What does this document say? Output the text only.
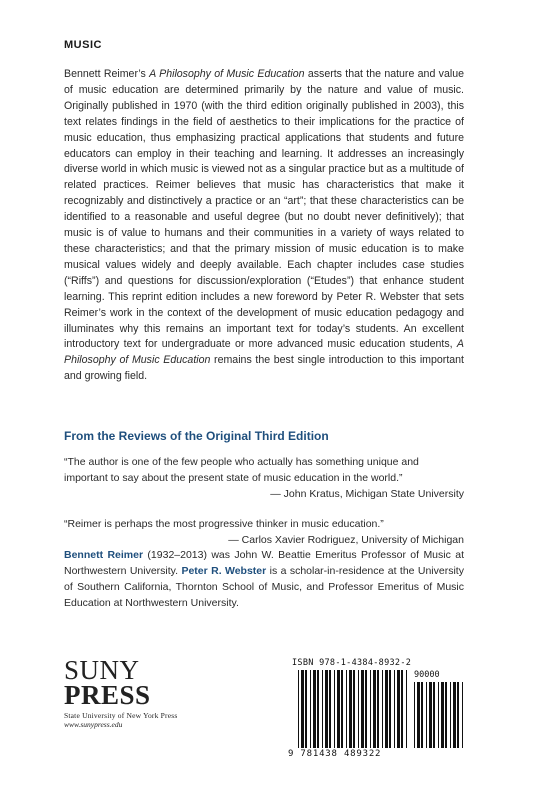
MUSIC

Bennett Reimer’s A Philosophy of Music Education asserts that the nature and value of music education are determined primarily by the nature and value of music. Originally published in 1970 (with the third edition originally published in 2003), this text relates findings in the field of aesthetics to their implications for the practice of music education, thus emphasizing practical applications that students and future educators can employ in their teaching and learning. It addresses an increasingly diverse world in which music is viewed not as a singular practice but as a multitude of related practices. Reimer believes that music has characteristics that make it recognizably and distinctively a practice or an “art”; that these characteristics can be identified to a reasonable and useful degree (but no doubt never definitively); that music is of value to humans and their communities in a variety of ways related to these characteristics; and that the primary mission of music education is to make musical values widely and deeply available. Each chapter includes case studies (“Riffs”) and questions for discussion/exploration (“Etudes”) that enhance student learning. This reprint edition includes a new foreword by Peter R. Webster that sets Reimer’s work in the context of the development of music education pedagogy and illuminates why this remains an important text for today’s students. An excellent introductory text for undergraduate or more advanced music education students, A Philosophy of Music Education remains the best single introduction to this important and growing field.

From the Reviews of the Original Third Edition

“The author is one of the few people who actually has something unique and important to say about the present state of music education in the world.”
— John Kratus, Michigan State University

“Reimer is perhaps the most progressive thinker in music education.”
— Carlos Xavier Rodriguez, University of Michigan

Bennett Reimer (1932–2013) was John W. Beattie Emeritus Professor of Music at Northwestern University. Peter R. Webster is a scholar-in-residence at the University of Southern California, Thornton School of Music, and Professor Emeritus of Music Education at Northwestern University.

SUNY
PRESS
State University of New York Press
www.sunypress.edu
ISBN 978-1-4384-8932-2
90000
9 781438 489322
